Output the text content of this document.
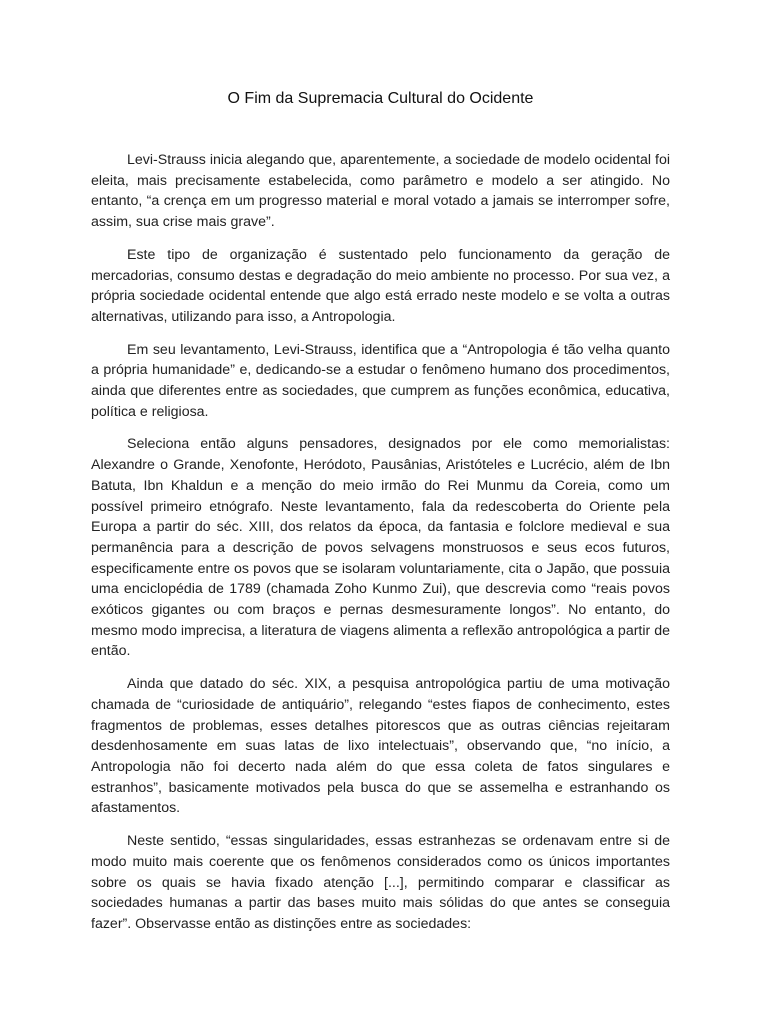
O Fim da Supremacia Cultural do Ocidente

Levi-Strauss inicia alegando que, aparentemente, a sociedade de modelo ocidental foi eleita, mais precisamente estabelecida, como parâmetro e modelo a ser atingido. No entanto, “a crença em um progresso material e moral votado a jamais se interromper sofre, assim, sua crise mais grave”.

Este tipo de organização é sustentado pelo funcionamento da geração de mercadorias, consumo destas e degradação do meio ambiente no processo. Por sua vez, a própria sociedade ocidental entende que algo está errado neste modelo e se volta a outras alternativas, utilizando para isso, a Antropologia.

Em seu levantamento, Levi-Strauss, identifica que a “Antropologia é tão velha quanto a própria humanidade” e, dedicando-se a estudar o fenômeno humano dos procedimentos, ainda que diferentes entre as sociedades, que cumprem as funções econômica, educativa, política e religiosa.

Seleciona então alguns pensadores, designados por ele como memorialistas: Alexandre o Grande, Xenofonte, Heródoto, Pausânias, Aristóteles e Lucrécio, além de Ibn Batuta, Ibn Khaldun e a menção do meio irmão do Rei Munmu da Coreia, como um possível primeiro etnógrafo. Neste levantamento, fala da redescoberta do Oriente pela Europa a partir do séc. XIII, dos relatos da época, da fantasia e folclore medieval e sua permanência para a descrição de povos selvagens monstruosos e seus ecos futuros, especificamente entre os povos que se isolaram voluntariamente, cita o Japão, que possuia uma enciclopédia de 1789 (chamada Zoho Kunmo Zui), que descrevia como “reais povos exóticos gigantes ou com braços e pernas desmesuramente longos”. No entanto, do mesmo modo imprecisa, a literatura de viagens alimenta a reflexão antropológica a partir de então.

Ainda que datado do séc. XIX, a pesquisa antropológica partiu de uma motivação chamada de “curiosidade de antiquário”, relegando “estes fiapos de conhecimento, estes fragmentos de problemas, esses detalhes pitorescos que as outras ciências rejeitaram desdenhosamente em suas latas de lixo intelectuais”, observando que, “no início, a Antropologia não foi decerto nada além do que essa coleta de fatos singulares e estranhos”, basicamente motivados pela busca do que se assemelha e estranhando os afastamentos.

Neste sentido, “essas singularidades, essas estranhezas se ordenavam entre si de modo muito mais coerente que os fenômenos considerados como os únicos importantes sobre os quais se havia fixado atenção [...], permitindo comparar e classificar as sociedades humanas a partir das bases muito mais sólidas do que antes se conseguia fazer”. Observasse então as distinções entre as sociedades:
